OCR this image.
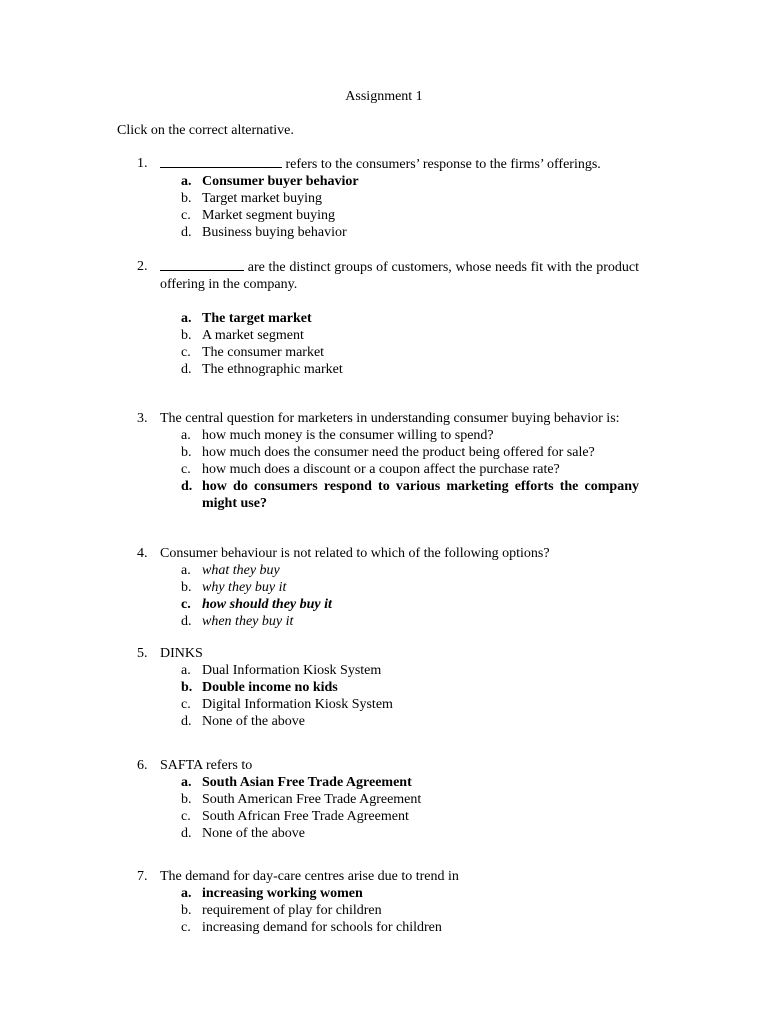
Assignment 1
Click on the correct alternative.
1.	refers to the consumers’ response to the firms’ offerings.
a. Consumer buyer behavior
b. Target market buying
c. Market segment buying
d. Business buying behavior
2.	are the distinct groups of customers, whose needs fit with the product offering in the company.
a. The target market
b. A market segment
c. The consumer market
d. The ethnographic market
3. The central question for marketers in understanding consumer buying behavior is:
a. how much money is the consumer willing to spend?
b. how much does the consumer need the product being offered for sale?
c. how much does a discount or a coupon affect the purchase rate?
d. how do consumers respond to various marketing efforts the company might use?
4. Consumer behaviour is not related to which of the following options?
a. what they buy
b. why they buy it
c. how should they buy it
d. when they buy it
5. DINKS
a. Dual Information Kiosk System
b. Double income no kids
c. Digital Information Kiosk System
d. None of the above
6. SAFTA refers to
a. South Asian Free Trade Agreement
b. South American Free Trade Agreement
c. South African Free Trade Agreement
d. None of the above
7. The demand for day-care centres arise due to trend in
a. increasing working women
b. requirement of play for children
c. increasing demand for schools for children
